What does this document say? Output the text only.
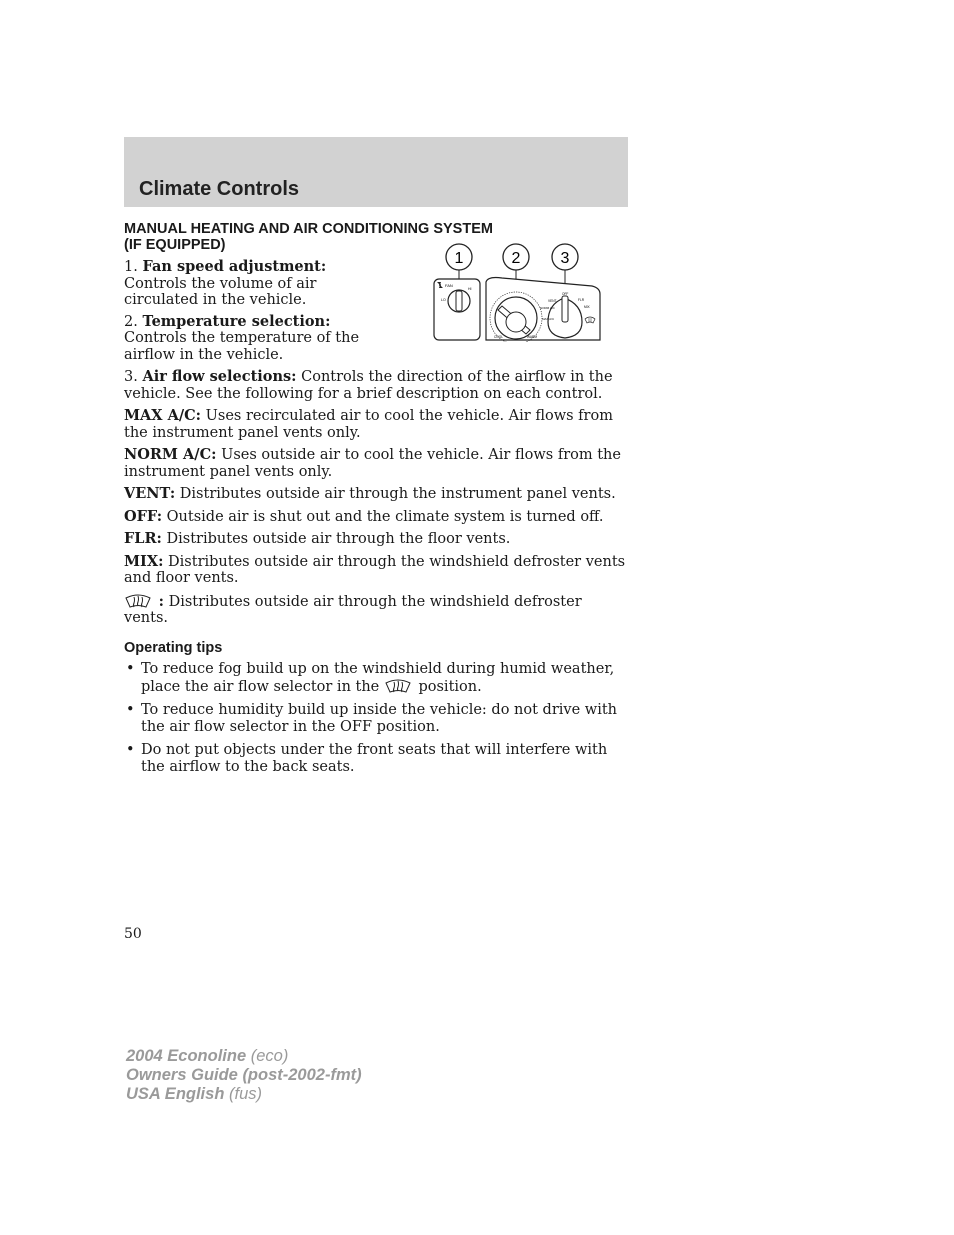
Climate Controls
1	2	3
FAN
LO
HI
COOL	WARM
VENT
OFF
FLR
MIX
NORM A/C
MAX A/C
MANUAL HEATING AND AIR CONDITIONING SYSTEM
(IF EQUIPPED)

1. Fan speed adjustment: Controls the volume of air circulated in the vehicle.

2. Temperature selection: Controls the temperature of the airflow in the vehicle.

3. Air flow selections: Controls the direction of the airflow in the vehicle. See the following for a brief description on each control.

MAX A/C: Uses recirculated air to cool the vehicle. Air flows from the instrument panel vents only.

NORM A/C: Uses outside air to cool the vehicle. Air flows from the instrument panel vents only.

VENT: Distributes outside air through the instrument panel vents.

OFF: Outside air is shut out and the climate system is turned off.

FLR: Distributes outside air through the floor vents.

MIX: Distributes outside air through the windshield defroster vents and floor vents.

: Distributes outside air through the windshield defroster vents.

Operating tips
• To reduce fog build up on the windshield during humid weather, place the air flow selector in the  position.
• To reduce humidity build up inside the vehicle: do not drive with the air flow selector in the OFF position.
• Do not put objects under the front seats that will interfere with the airflow to the back seats.
50
2004 Econoline (eco)
Owners Guide (post-2002-fmt)
USA English (fus)
